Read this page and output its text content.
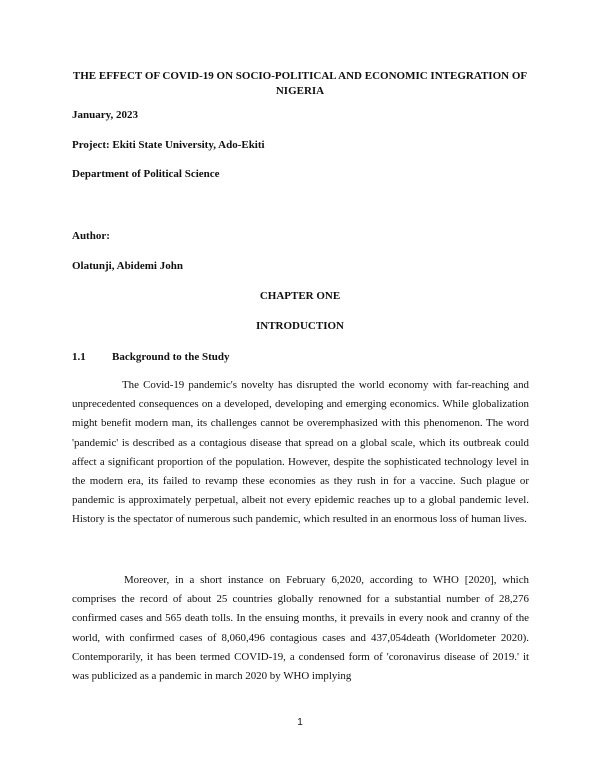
THE EFFECT OF COVID-19 ON SOCIO-POLITICAL AND ECONOMIC INTEGRATION OF NIGERIA

January, 2023

Project: Ekiti State University, Ado-Ekiti

Department of Political Science

Author:

Olatunji, Abidemi John

CHAPTER ONE

INTRODUCTION

1.1 Background to the Study

The Covid-19 pandemic's novelty has disrupted the world economy with far-reaching and unprecedented consequences on a developed, developing and emerging economics. While globalization might benefit modern man, its challenges cannot be overemphasized with this phenomenon. The word 'pandemic' is described as a contagious disease that spread on a global scale, which its outbreak could affect a significant proportion of the population. However, despite the sophisticated technology level in the modern era, its failed to revamp these economies as they rush in for a vaccine. Such plague or pandemic is approximately perpetual, albeit not every epidemic reaches up to a global pandemic level. History is the spectator of numerous such pandemic, which resulted in an enormous loss of human lives.

Moreover, in a short instance on February 6,2020, according to WHO [2020], which comprises the record of about 25 countries globally renowned for a substantial number of 28,276 confirmed cases and 565 death tolls. In the ensuing months, it prevails in every nook and cranny of the world, with confirmed cases of 8,060,496 contagious cases and 437,054death (Worldometer 2020). Contemporarily, it has been termed COVID-19, a condensed form of 'coronavirus disease of 2019.' it was publicized as a pandemic in march 2020 by WHO implying

1
